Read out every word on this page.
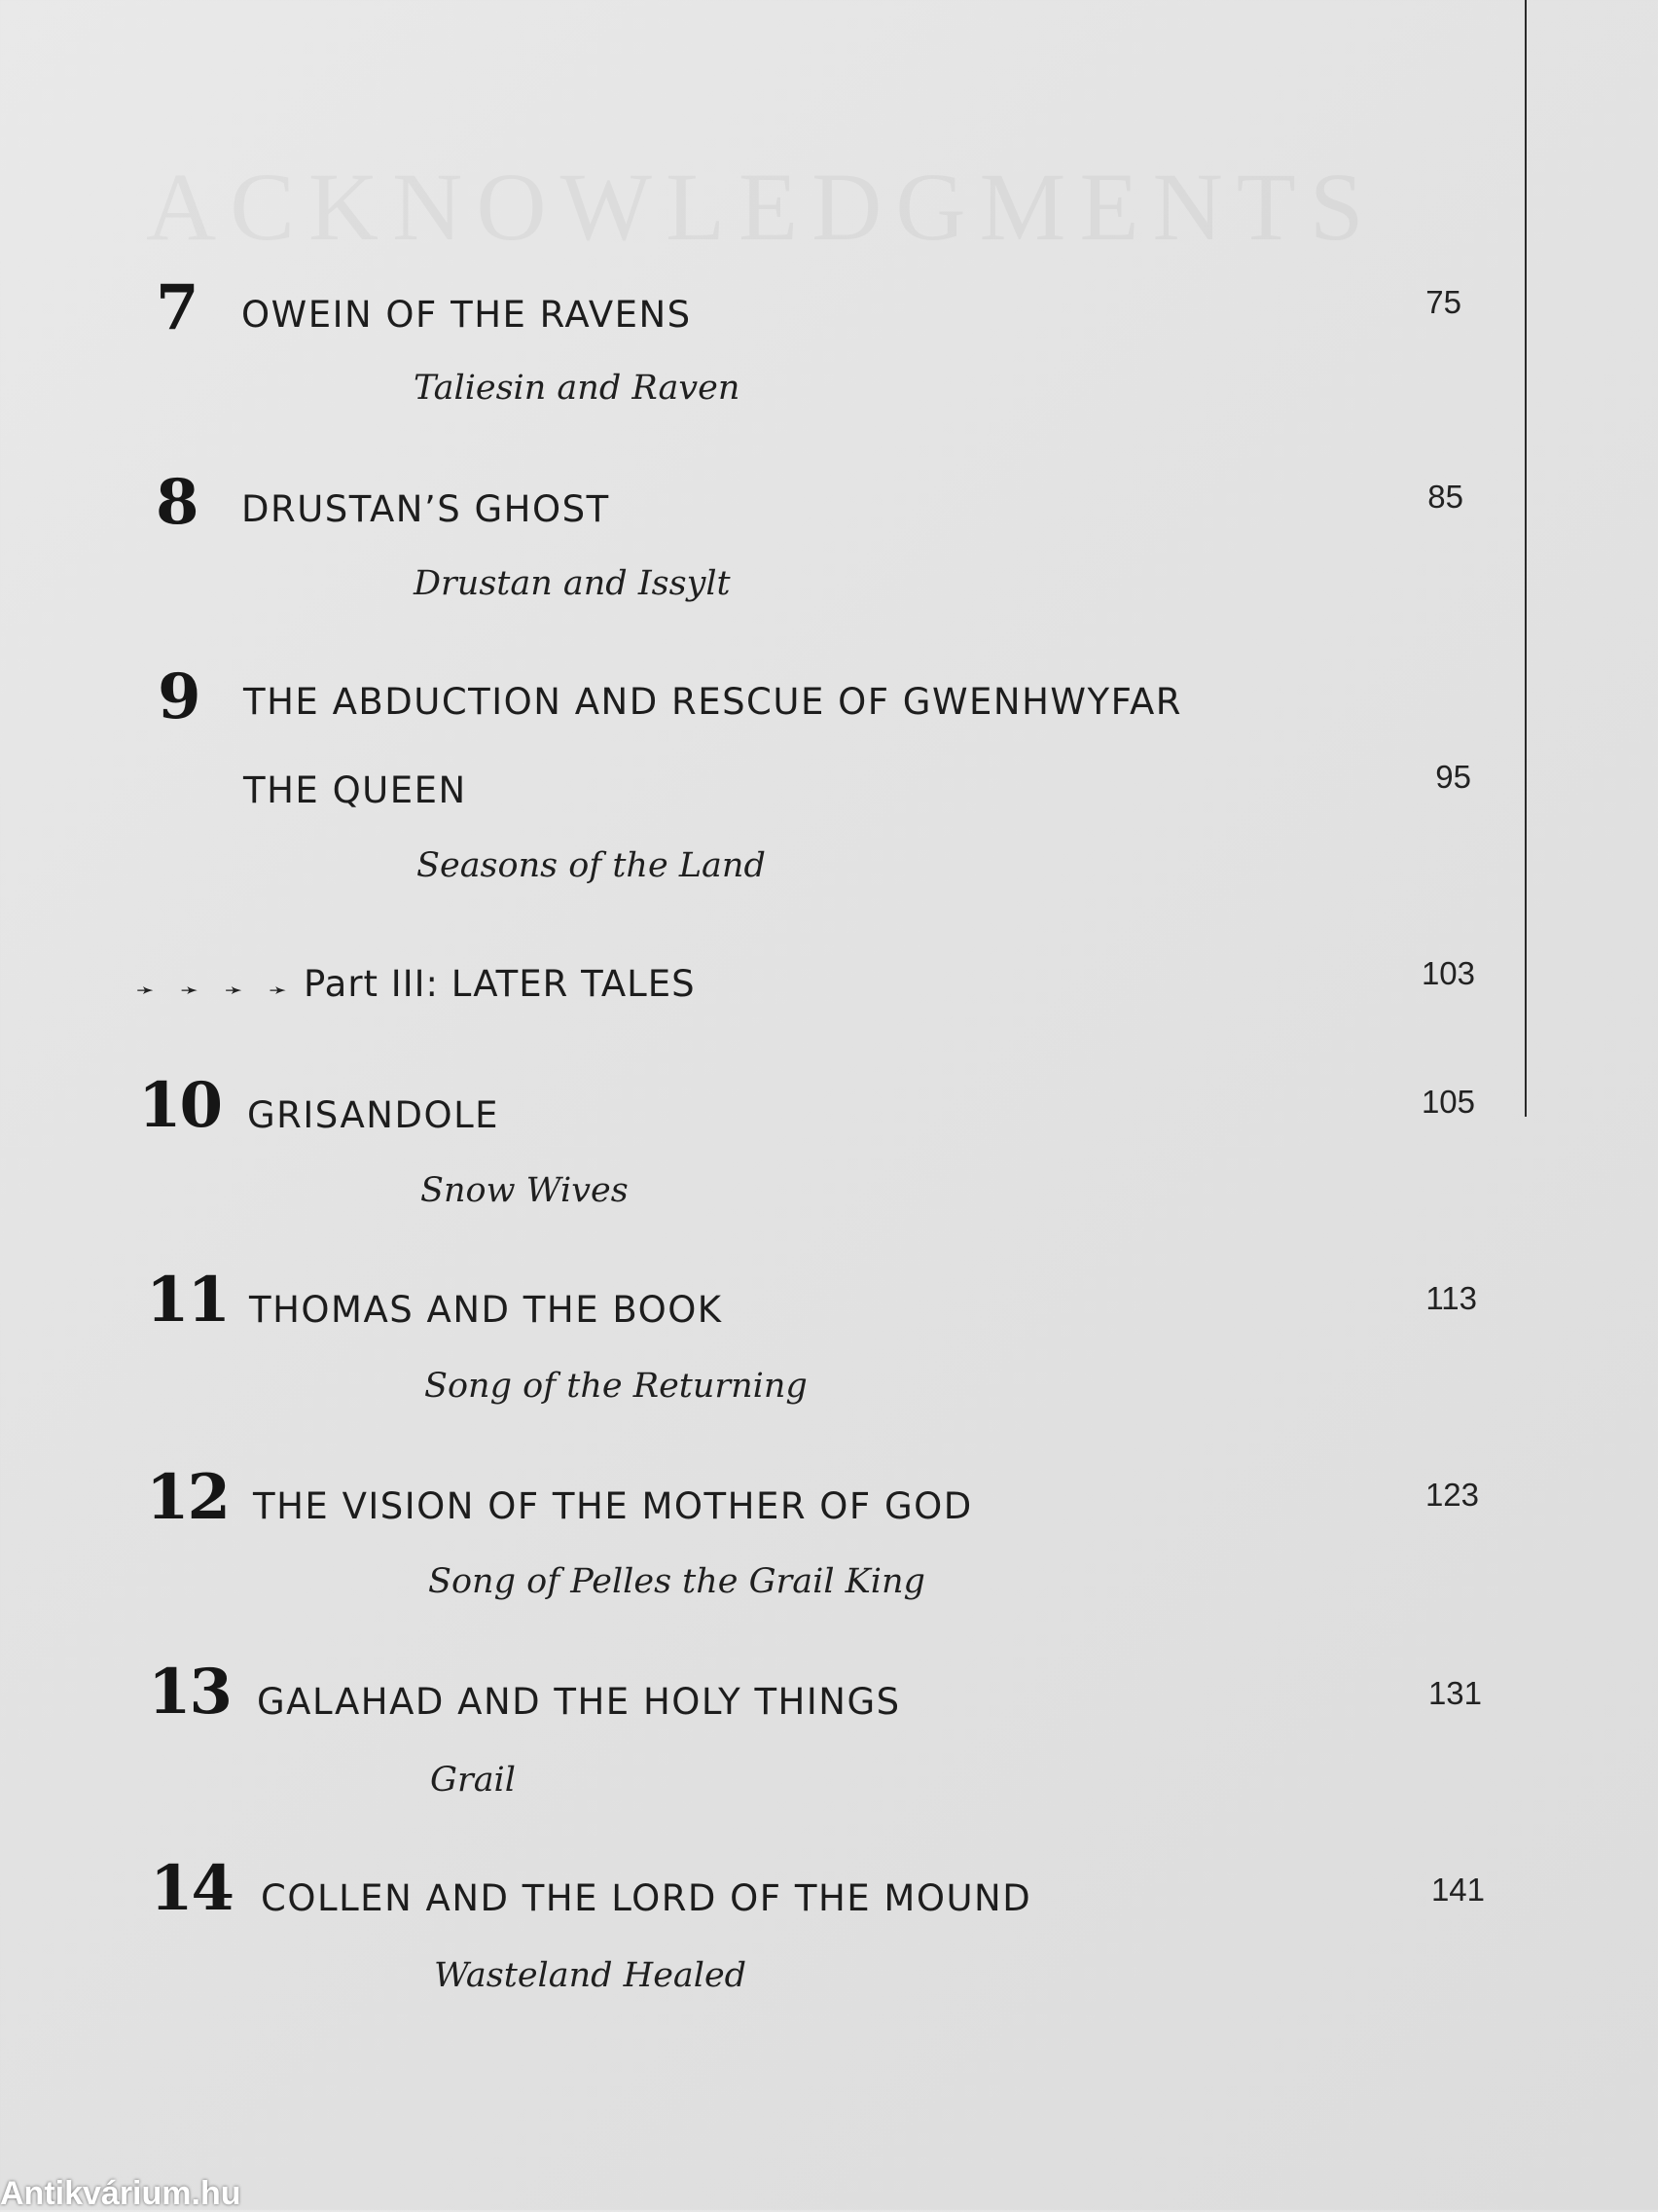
7 OWEIN OF THE RAVENS
Taliesin and Raven
75
8 DRUSTAN’S GHOST
Drustan and Issylt
85
9 THE ABDUCTION AND RESCUE OF GWENHWYFAR
THE QUEEN
Seasons of the Land
95
➛ ➛ ➛ ➛ Part III: LATER TALES	103
10 GRISANDOLE
Snow Wives
105
11 THOMAS AND THE BOOK
Song of the Returning
113
12 THE VISION OF THE MOTHER OF GOD
Song of Pelles the Grail King
123
13 GALAHAD AND THE HOLY THINGS
Grail
131
14 COLLEN AND THE LORD OF THE MOUND
Wasteland Healed
141
Antikvárium.hu
